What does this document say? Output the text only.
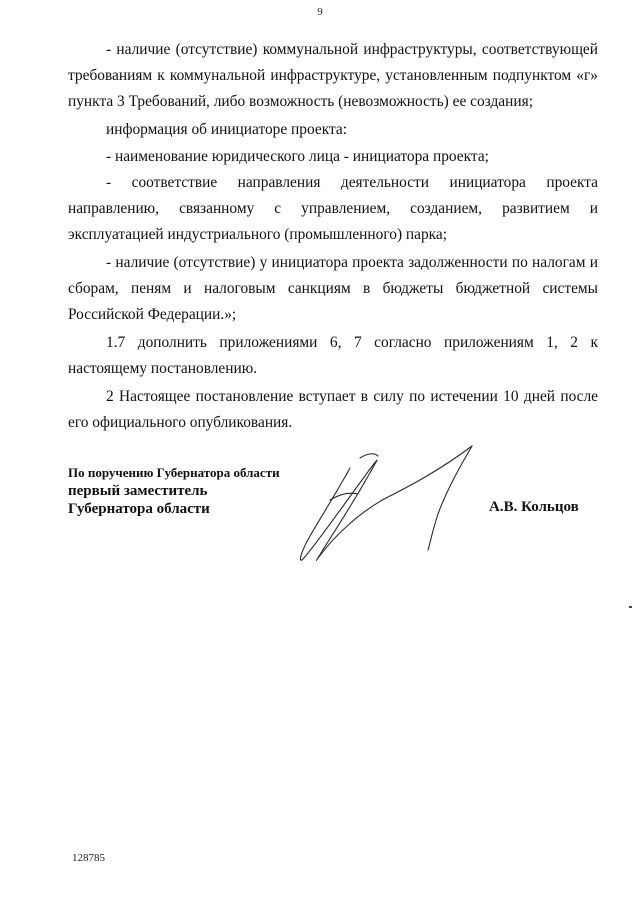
9
- наличие (отсутствие) коммунальной инфраструктуры, соответствующей требованиям к коммунальной инфраструктуре, установленным подпунктом «г» пункта 3 Требований, либо возможность (невозможность) ее создания;
информация об инициаторе проекта:
- наименование юридического лица - инициатора проекта;
- соответствие направления деятельности инициатора проекта направлению, связанному с управлением, созданием, развитием и эксплуатацией индустриального (промышленного) парка;
- наличие (отсутствие) у инициатора проекта задолженности по налогам и сборам, пеням и налоговым санкциям в бюджеты бюджетной системы Российской Федерации.»;
1.7 дополнить приложениями 6, 7 согласно приложениям 1, 2 к настоящему постановлению.
2 Настоящее постановление вступает в силу по истечении 10 дней после его официального опубликования.
По поручению Губернатора области
первый заместитель
Губернатора области	А.В. Кольцов
128785
